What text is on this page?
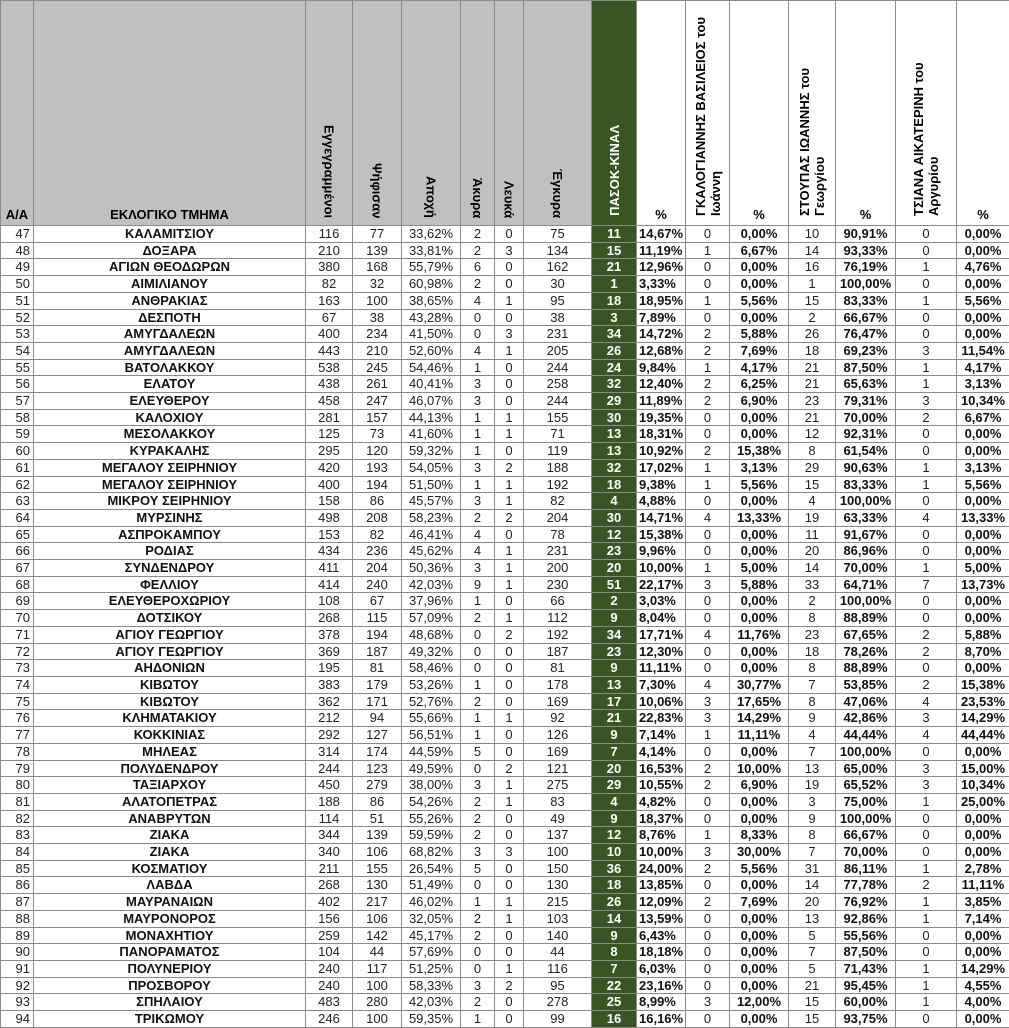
Α/Α	ΕΚΛΟΓΙΚΟ ΤΜΗΜΑ	Εγγεγραμμένοι	Ψήφισαν	Αποχή	Άκυρα	Λευκά	Έγκυρα	ΠΑΣΟΚ-ΚΙΝΑΛ	%	ΓΚΑΛΟΓΙΑΝΝΗΣ ΒΑΣΙΛΕΙΟΣ του Ιωάννη	%	ΣΤΟΥΠΑΣ ΙΩΑΝΝΗΣ του Γεωργίου	%	ΤΣΙΑΝΑ ΑΙΚΑΤΕΡΙΝΗ του Αργυρίου	%
47	ΚΑΛΑΜΙΤΣΙΟΥ	116	77	33,62%	2	0	75	11	14,67%	0	0,00%	10	90,91%	0	0,00%
48	ΔΟΞΑΡΑ	210	139	33,81%	2	3	134	15	11,19%	1	6,67%	14	93,33%	0	0,00%
49	ΑΓΙΩΝ ΘΕΟΔΩΡΩΝ	380	168	55,79%	6	0	162	21	12,96%	0	0,00%	16	76,19%	1	4,76%
50	ΑΙΜΙΛΙΑΝΟΥ	82	32	60,98%	2	0	30	1	3,33%	0	0,00%	1	100,00%	0	0,00%
51	ΑΝΘΡΑΚΙΑΣ	163	100	38,65%	4	1	95	18	18,95%	1	5,56%	15	83,33%	1	5,56%
52	ΔΕΣΠΟΤΗ	67	38	43,28%	0	0	38	3	7,89%	0	0,00%	2	66,67%	0	0,00%
53	ΑΜΥΓΔΑΛΕΩΝ	400	234	41,50%	0	3	231	34	14,72%	2	5,88%	26	76,47%	0	0,00%
54	ΑΜΥΓΔΑΛΕΩΝ	443	210	52,60%	4	1	205	26	12,68%	2	7,69%	18	69,23%	3	11,54%
55	ΒΑΤΟΛΑΚΚΟΥ	538	245	54,46%	1	0	244	24	9,84%	1	4,17%	21	87,50%	1	4,17%
56	ΕΛΑΤΟΥ	438	261	40,41%	3	0	258	32	12,40%	2	6,25%	21	65,63%	1	3,13%
57	ΕΛΕΥΘΕΡΟΥ	458	247	46,07%	3	0	244	29	11,89%	2	6,90%	23	79,31%	3	10,34%
58	ΚΑΛΟΧΙΟΥ	281	157	44,13%	1	1	155	30	19,35%	0	0,00%	21	70,00%	2	6,67%
59	ΜΕΣΟΛΑΚΚΟΥ	125	73	41,60%	1	1	71	13	18,31%	0	0,00%	12	92,31%	0	0,00%
60	ΚΥΡΑΚΑΛΗΣ	295	120	59,32%	1	0	119	13	10,92%	2	15,38%	8	61,54%	0	0,00%
61	ΜΕΓΑΛΟΥ ΣΕΙΡΗΝΙΟΥ	420	193	54,05%	3	2	188	32	17,02%	1	3,13%	29	90,63%	1	3,13%
62	ΜΕΓΑΛΟΥ ΣΕΙΡΗΝΙΟΥ	400	194	51,50%	1	1	192	18	9,38%	1	5,56%	15	83,33%	1	5,56%
63	ΜΙΚΡΟΥ ΣΕΙΡΗΝΙΟΥ	158	86	45,57%	3	1	82	4	4,88%	0	0,00%	4	100,00%	0	0,00%
64	ΜΥΡΣΙΝΗΣ	498	208	58,23%	2	2	204	30	14,71%	4	13,33%	19	63,33%	4	13,33%
65	ΑΣΠΡΟΚΑΜΠΟΥ	153	82	46,41%	4	0	78	12	15,38%	0	0,00%	11	91,67%	0	0,00%
66	ΡΟΔΙΑΣ	434	236	45,62%	4	1	231	23	9,96%	0	0,00%	20	86,96%	0	0,00%
67	ΣΥΝΔΕΝΔΡΟΥ	411	204	50,36%	3	1	200	20	10,00%	1	5,00%	14	70,00%	1	5,00%
68	ΦΕΛΛΙΟΥ	414	240	42,03%	9	1	230	51	22,17%	3	5,88%	33	64,71%	7	13,73%
69	ΕΛΕΥΘΕΡΟΧΩΡΙΟΥ	108	67	37,96%	1	0	66	2	3,03%	0	0,00%	2	100,00%	0	0,00%
70	ΔΟΤΣΙΚΟΥ	268	115	57,09%	2	1	112	9	8,04%	0	0,00%	8	88,89%	0	0,00%
71	ΑΓΙΟΥ ΓΕΩΡΓΙΟΥ	378	194	48,68%	0	2	192	34	17,71%	4	11,76%	23	67,65%	2	5,88%
72	ΑΓΙΟΥ ΓΕΩΡΓΙΟΥ	369	187	49,32%	0	0	187	23	12,30%	0	0,00%	18	78,26%	2	8,70%
73	ΑΗΔΟΝΙΩΝ	195	81	58,46%	0	0	81	9	11,11%	0	0,00%	8	88,89%	0	0,00%
74	ΚΙΒΩΤΟΥ	383	179	53,26%	1	0	178	13	7,30%	4	30,77%	7	53,85%	2	15,38%
75	ΚΙΒΩΤΟΥ	362	171	52,76%	2	0	169	17	10,06%	3	17,65%	8	47,06%	4	23,53%
76	ΚΛΗΜΑΤΑΚΙΟΥ	212	94	55,66%	1	1	92	21	22,83%	3	14,29%	9	42,86%	3	14,29%
77	ΚΟΚΚΙΝΙΑΣ	292	127	56,51%	1	0	126	9	7,14%	1	11,11%	4	44,44%	4	44,44%
78	ΜΗΛΕΑΣ	314	174	44,59%	5	0	169	7	4,14%	0	0,00%	7	100,00%	0	0,00%
79	ΠΟΛΥΔΕΝΔΡΟΥ	244	123	49,59%	0	2	121	20	16,53%	2	10,00%	13	65,00%	3	15,00%
80	ΤΑΞΙΑΡΧΟΥ	450	279	38,00%	3	1	275	29	10,55%	2	6,90%	19	65,52%	3	10,34%
81	ΑΛΑΤΟΠΕΤΡΑΣ	188	86	54,26%	2	1	83	4	4,82%	0	0,00%	3	75,00%	1	25,00%
82	ΑΝΑΒΡΥΤΩΝ	114	51	55,26%	2	0	49	9	18,37%	0	0,00%	9	100,00%	0	0,00%
83	ΖΙΑΚΑ	344	139	59,59%	2	0	137	12	8,76%	1	8,33%	8	66,67%	0	0,00%
84	ΖΙΑΚΑ	340	106	68,82%	3	3	100	10	10,00%	3	30,00%	7	70,00%	0	0,00%
85	ΚΟΣΜΑΤΙΟΥ	211	155	26,54%	5	0	150	36	24,00%	2	5,56%	31	86,11%	1	2,78%
86	ΛΑΒΔΑ	268	130	51,49%	0	0	130	18	13,85%	0	0,00%	14	77,78%	2	11,11%
87	ΜΑΥΡΑΝΑΙΩΝ	402	217	46,02%	1	1	215	26	12,09%	2	7,69%	20	76,92%	1	3,85%
88	ΜΑΥΡΟΝΟΡΟΣ	156	106	32,05%	2	1	103	14	13,59%	0	0,00%	13	92,86%	1	7,14%
89	ΜΟΝΑΧΗΤΙΟΥ	259	142	45,17%	2	0	140	9	6,43%	0	0,00%	5	55,56%	0	0,00%
90	ΠΑΝΟΡΑΜΑΤΟΣ	104	44	57,69%	0	0	44	8	18,18%	0	0,00%	7	87,50%	0	0,00%
91	ΠΟΛΥΝΕΡΙΟΥ	240	117	51,25%	0	1	116	7	6,03%	0	0,00%	5	71,43%	1	14,29%
92	ΠΡΟΣΒΟΡΟΥ	240	100	58,33%	3	2	95	22	23,16%	0	0,00%	21	95,45%	1	4,55%
93	ΣΠΗΛΑΙΟΥ	483	280	42,03%	2	0	278	25	8,99%	3	12,00%	15	60,00%	1	4,00%
94	ΤΡΙΚΩΜΟΥ	246	100	59,35%	1	0	99	16	16,16%	0	0,00%	15	93,75%	0	0,00%
